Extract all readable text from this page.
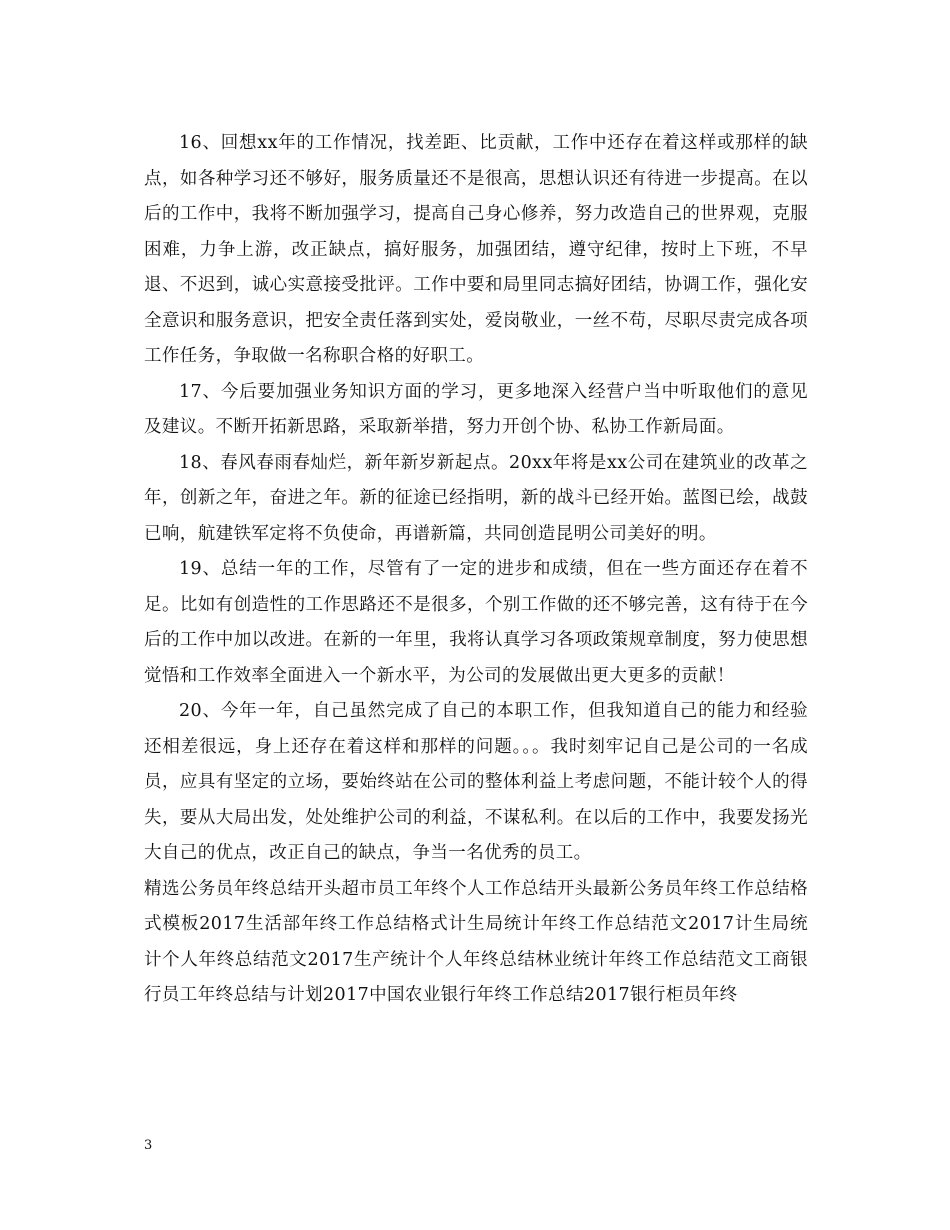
16、回想xx年的工作情况，找差距、比贡献，工作中还存在着这样或那样的缺点，如各种学习还不够好，服务质量还不是很高，思想认识还有待进一步提高。在以后的工作中，我将不断加强学习，提高自己身心修养，努力改造自己的世界观，克服困难，力争上游，改正缺点，搞好服务，加强团结，遵守纪律，按时上下班，不早退、不迟到，诚心实意接受批评。工作中要和局里同志搞好团结，协调工作，强化安全意识和服务意识，把安全责任落到实处，爱岗敬业，一丝不苟，尽职尽责完成各项工作任务，争取做一名称职合格的好职工。

17、今后要加强业务知识方面的学习，更多地深入经营户当中听取他们的意见及建议。不断开拓新思路，采取新举措，努力开创个协、私协工作新局面。

18、春风春雨春灿烂，新年新岁新起点。20xx年将是xx公司在建筑业的改革之年，创新之年，奋进之年。新的征途已经指明，新的战斗已经开始。蓝图已绘，战鼓已响，航建铁军定将不负使命，再谱新篇，共同创造昆明公司美好的明。

19、总结一年的工作，尽管有了一定的进步和成绩，但在一些方面还存在着不足。比如有创造性的工作思路还不是很多，个别工作做的还不够完善，这有待于在今后的工作中加以改进。在新的一年里，我将认真学习各项政策规章制度，努力使思想觉悟和工作效率全面进入一个新水平，为公司的发展做出更大更多的贡献！

20、今年一年，自己虽然完成了自己的本职工作，但我知道自己的能力和经验还相差很远，身上还存在着这样和那样的问题。。。我时刻牢记自己是公司的一名成员，应具有坚定的立场，要始终站在公司的整体利益上考虑问题，不能计较个人的得失，要从大局出发，处处维护公司的利益，不谋私利。在以后的工作中，我要发扬光大自己的优点，改正自己的缺点，争当一名优秀的员工。

精选公务员年终总结开头超市员工年终个人工作总结开头最新公务员年终工作总结格式模板2017生活部年终工作总结格式计生局统计年终工作总结范文2017计生局统计个人年终总结范文2017生产统计个人年终总结林业统计年终工作总结范文工商银行员工年终总结与计划2017中国农业银行年终工作总结2017银行柜员年终

3
